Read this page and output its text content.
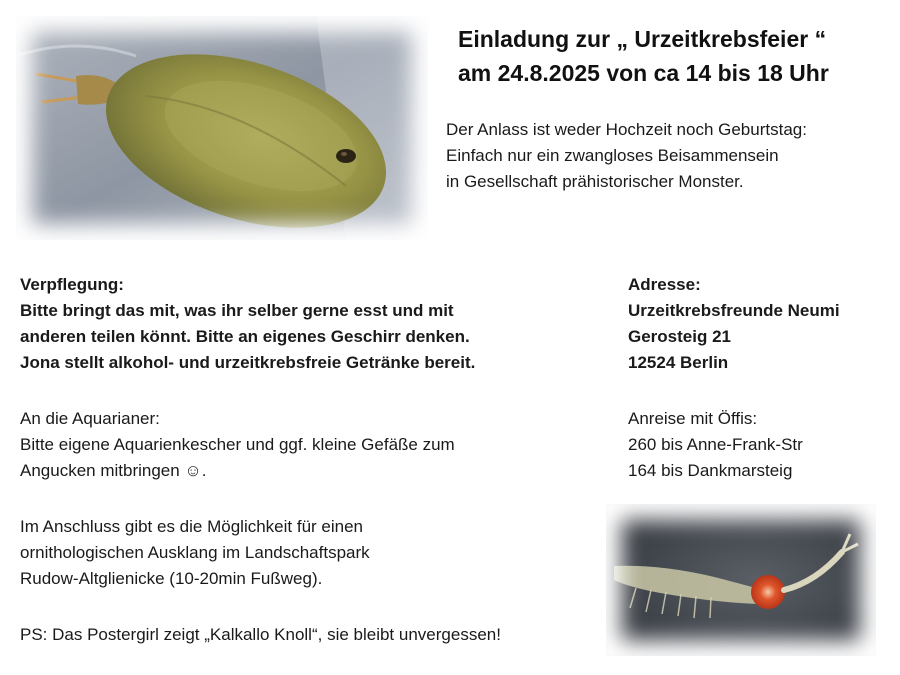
Einladung zur „ Urzeitkrebsfeier “
am 24.8.2025 von ca 14 bis 18 Uhr
Der Anlass ist weder Hochzeit noch Geburtstag:
Einfach nur ein zwangloses Beisammensein
in Gesellschaft prähistorischer Monster.
Verpflegung:
Bitte bringt das mit, was ihr selber gerne esst und mit
anderen teilen könnt. Bitte an eigenes Geschirr denken.
Jona stellt alkohol- und urzeitkrebsfreie Getränke bereit.
An die Aquarianer:
Bitte eigene Aquarienkescher und ggf. kleine Gefäße zum
Angucken mitbringen ☺.
Im Anschluss gibt es die Möglichkeit für einen
ornithologischen Ausklang im Landschaftspark
Rudow-Altglienicke (10-20min Fußweg).
PS: Das Postergirl zeigt „Kalkallo Knoll“, sie bleibt unvergessen!
Adresse:
Urzeitkrebsfreunde Neumi
Gerosteig 21
12524 Berlin
Anreise mit Öffis:
260 bis Anne-Frank-Str
164 bis Dankmarsteig
